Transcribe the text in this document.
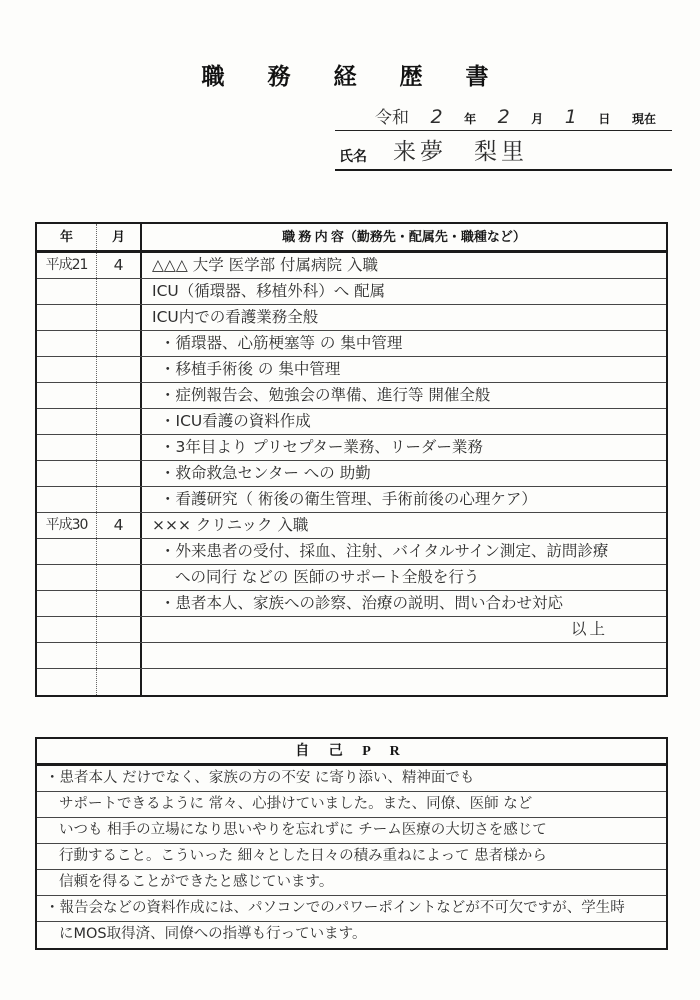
職　務　経　歴　書
令和 2 年 2 月 1 日 現在
氏名 来夢　梨里
年	月	職 務 内 容（勤務先・配属先・職種など）
平成21	4	△△△ 大学 医学部 付属病院 入職
ICU（循環器、移植外科）へ 配属
ICU内での看護業務全般
・循環器、心筋梗塞等 の 集中管理
・移植手術後 の 集中管理
・症例報告会、勉強会の準備、進行等 開催全般
・ICU看護の資料作成
・3年目より プリセプター業務、リーダー業務
・救命救急センター への 助勤
・看護研究（ 術後の衛生管理、手術前後の心理ケア）
平成30	4	××× クリニック 入職
・外来患者の受付、採血、注射、バイタルサイン測定、訪問診療
への同行 などの 医師のサポート全般を行う
・患者本人、家族への診察、治療の説明、問い合わせ対応
以上
自 己 P R
・患者本人 だけでなく、家族の方の不安 に寄り添い、精神面でも
サポートできるように 常々、心掛けていました。また、同僚、医師 など
いつも 相手の立場になり思いやりを忘れずに チーム医療の大切さを感じて
行動すること。こういった 細々とした日々の積み重ねによって 患者様から
信頼を得ることができたと感じています。
・報告会などの資料作成には、パソコンでのパワーポイントなどが不可欠ですが、学生時
にMOS取得済、同僚への指導も行っています。
